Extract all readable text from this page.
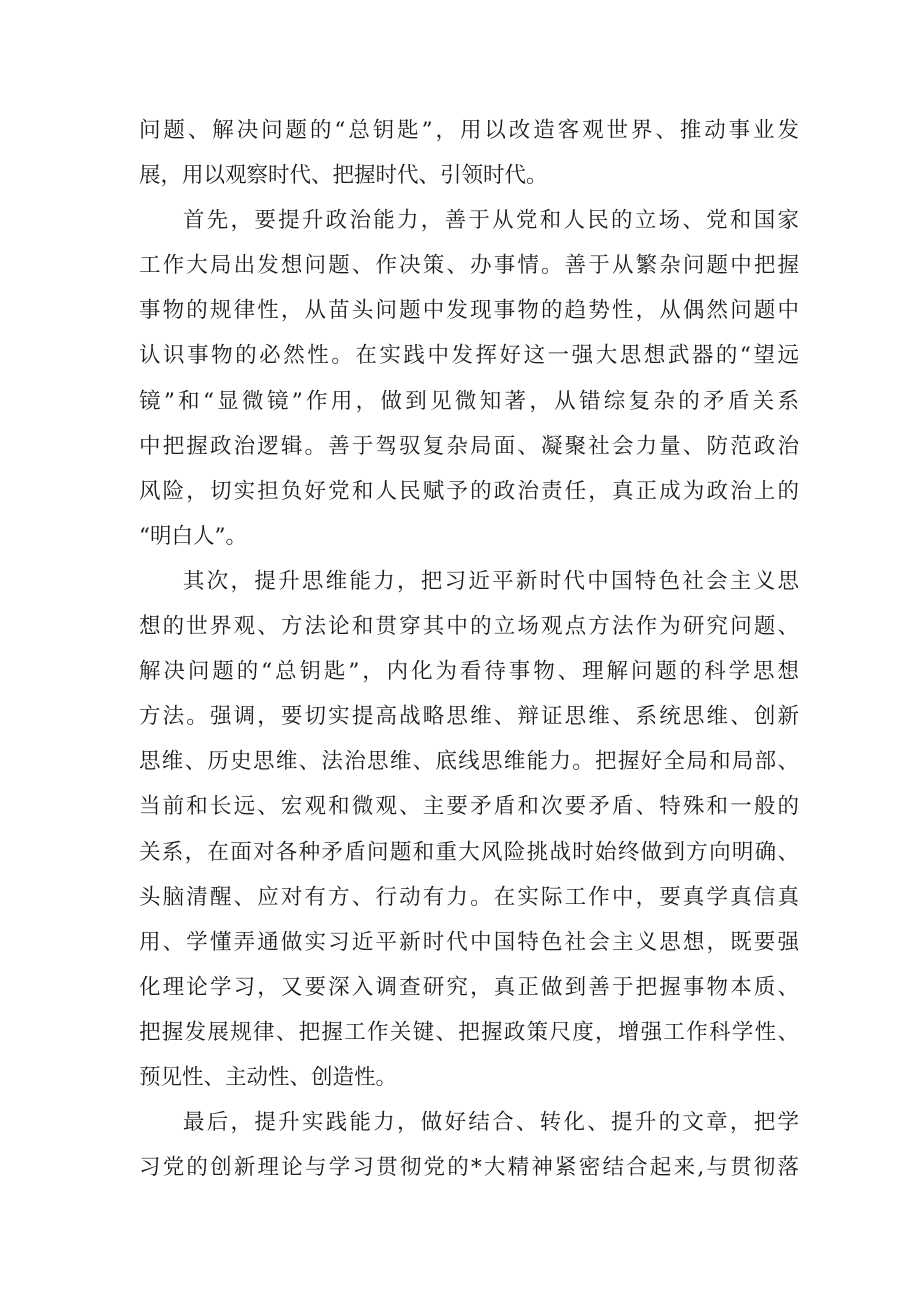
问题、解决问题的“总钥匙”，用以改造客观世界、推动事业发
展，用以观察时代、把握时代、引领时代。
首先，要提升政治能力，善于从党和人民的立场、党和国家
工作大局出发想问题、作决策、办事情。善于从繁杂问题中把握
事物的规律性，从苗头问题中发现事物的趋势性，从偶然问题中
认识事物的必然性。在实践中发挥好这一强大思想武器的“望远
镜”和“显微镜”作用，做到见微知著，从错综复杂的矛盾关系
中把握政治逻辑。善于驾驭复杂局面、凝聚社会力量、防范政治
风险，切实担负好党和人民赋予的政治责任，真正成为政治上的
“明白人”。
其次，提升思维能力，把习近平新时代中国特色社会主义思
想的世界观、方法论和贯穿其中的立场观点方法作为研究问题、
解决问题的“总钥匙”，内化为看待事物、理解问题的科学思想
方法。强调，要切实提高战略思维、辩证思维、系统思维、创新
思维、历史思维、法治思维、底线思维能力。把握好全局和局部、
当前和长远、宏观和微观、主要矛盾和次要矛盾、特殊和一般的
关系，在面对各种矛盾问题和重大风险挑战时始终做到方向明确、
头脑清醒、应对有方、行动有力。在实际工作中，要真学真信真
用、学懂弄通做实习近平新时代中国特色社会主义思想，既要强
化理论学习，又要深入调查研究，真正做到善于把握事物本质、
把握发展规律、把握工作关键、把握政策尺度，增强工作科学性、
预见性、主动性、创造性。
最后，提升实践能力，做好结合、转化、提升的文章，把学
习党的创新理论与学习贯彻党的*大精神紧密结合起来,与贯彻落
